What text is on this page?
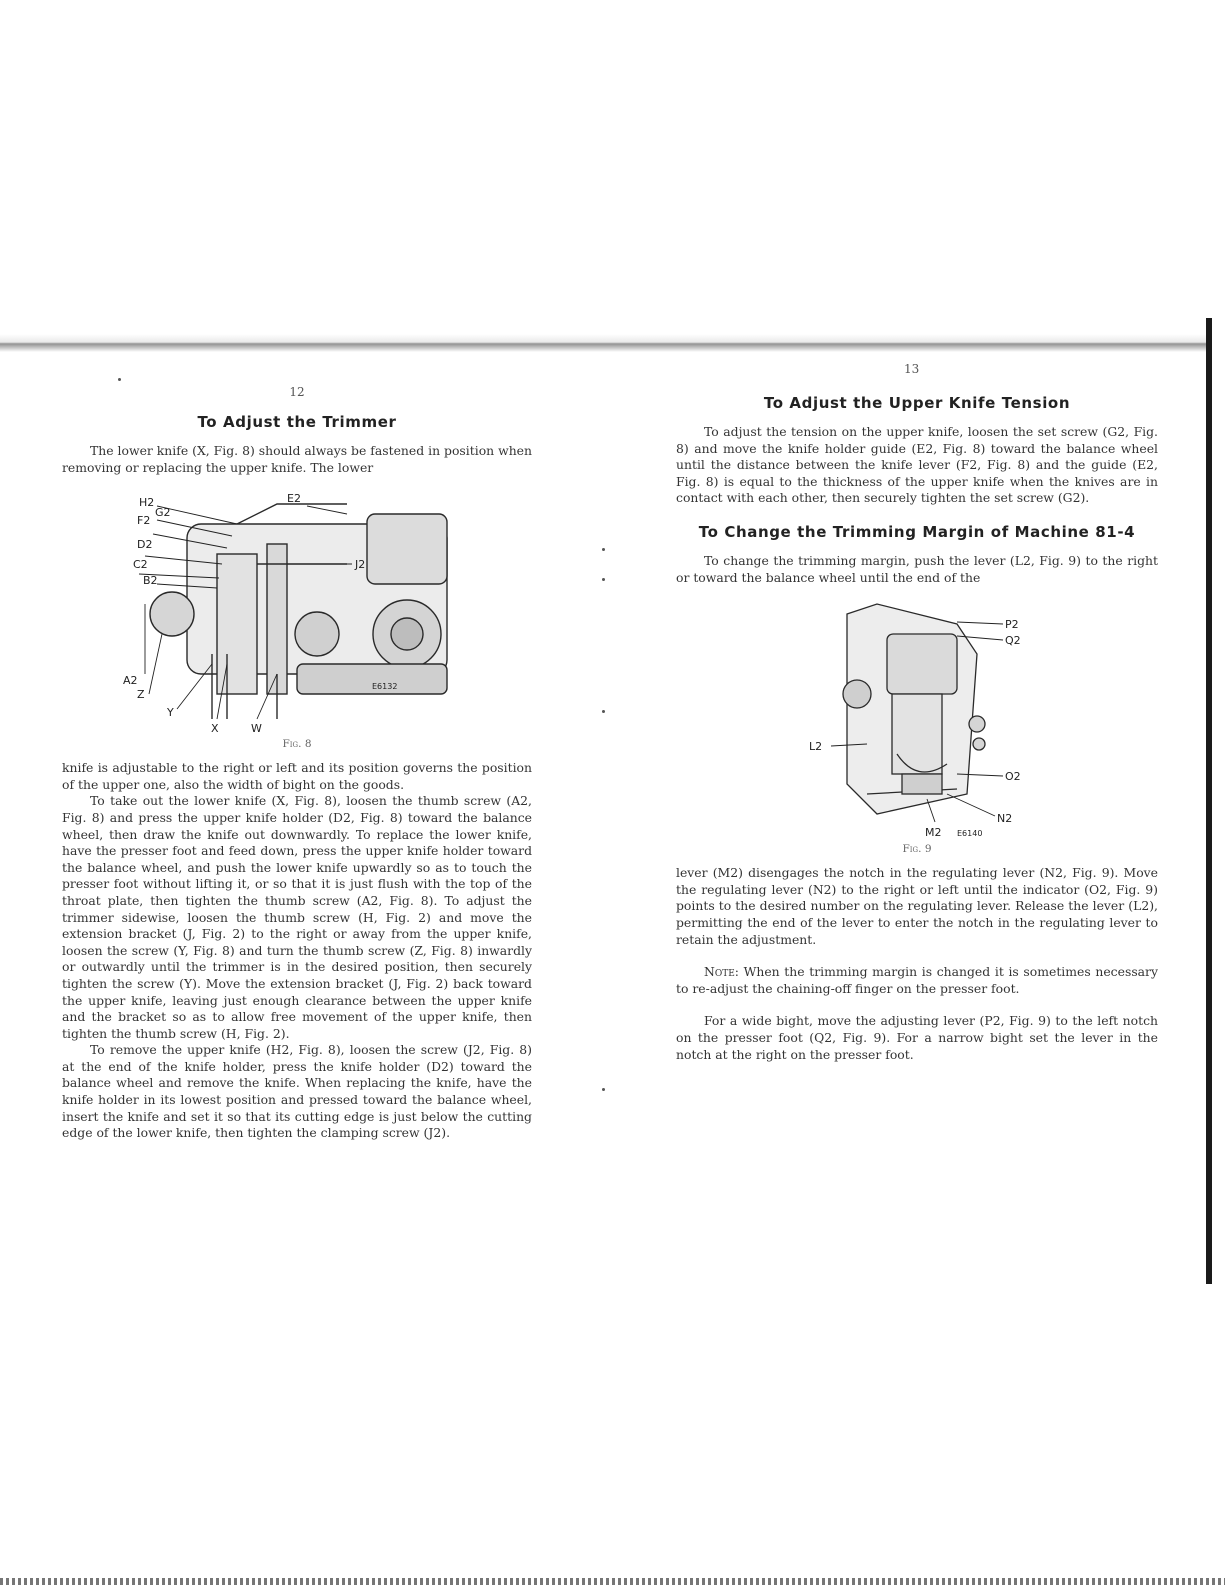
12
To Adjust the Trimmer

The lower knife (X, Fig. 8) should always be fastened in position when removing or replacing the upper knife. The lower

H2
G2
F2
D2
C2
B2
E2
J2
A2
Z
Y
X	W
E6132
Fig. 8

knife is adjustable to the right or left and its position governs the position of the upper one, also the width of bight on the goods.

To take out the lower knife (X, Fig. 8), loosen the thumb screw (A2, Fig. 8) and press the upper knife holder (D2, Fig. 8) toward the balance wheel, then draw the knife out downwardly. To replace the lower knife, have the presser foot and feed down, press the upper knife holder toward the balance wheel, and push the lower knife upwardly so as to touch the presser foot without lifting it, or so that it is just flush with the top of the throat plate, then tighten the thumb screw (A2, Fig. 8). To adjust the trimmer sidewise, loosen the thumb screw (H, Fig. 2) and move the extension bracket (J, Fig. 2) to the right or away from the upper knife, loosen the screw (Y, Fig. 8) and turn the thumb screw (Z, Fig. 8) inwardly or outwardly until the trimmer is in the desired position, then securely tighten the screw (Y). Move the extension bracket (J, Fig. 2) back toward the upper knife, leaving just enough clearance between the upper knife and the bracket so as to allow free movement of the upper knife, then tighten the thumb screw (H, Fig. 2).

To remove the upper knife (H2, Fig. 8), loosen the screw (J2, Fig. 8) at the end of the knife holder, press the knife holder (D2) toward the balance wheel and remove the knife. When replacing the knife, have the knife holder in its lowest position and pressed toward the balance wheel, insert the knife and set it so that its cutting edge is just below the cutting edge of the lower knife, then tighten the clamping screw (J2).

13
To Adjust the Upper Knife Tension

To adjust the tension on the upper knife, loosen the set screw (G2, Fig. 8) and move the knife holder guide (E2, Fig. 8) toward the balance wheel until the distance between the knife lever (F2, Fig. 8) and the guide (E2, Fig. 8) is equal to the thickness of the upper knife when the knives are in contact with each other, then securely tighten the set screw (G2).

To Change the Trimming Margin of Machine 81-4

To change the trimming margin, push the lever (L2, Fig. 9) to the right or toward the balance wheel until the end of the

P2
Q2
L2
O2
N2
M2 E6140
Fig. 9

lever (M2) disengages the notch in the regulating lever (N2, Fig. 9). Move the regulating lever (N2) to the right or left until the indicator (O2, Fig. 9) points to the desired number on the regulating lever. Release the lever (L2), permitting the end of the lever to enter the notch in the regulating lever to retain the adjustment.

Note: When the trimming margin is changed it is sometimes necessary to re-adjust the chaining-off finger on the presser foot.

For a wide bight, move the adjusting lever (P2, Fig. 9) to the left notch on the presser foot (Q2, Fig. 9). For a narrow bight set the lever in the notch at the right on the presser foot.
